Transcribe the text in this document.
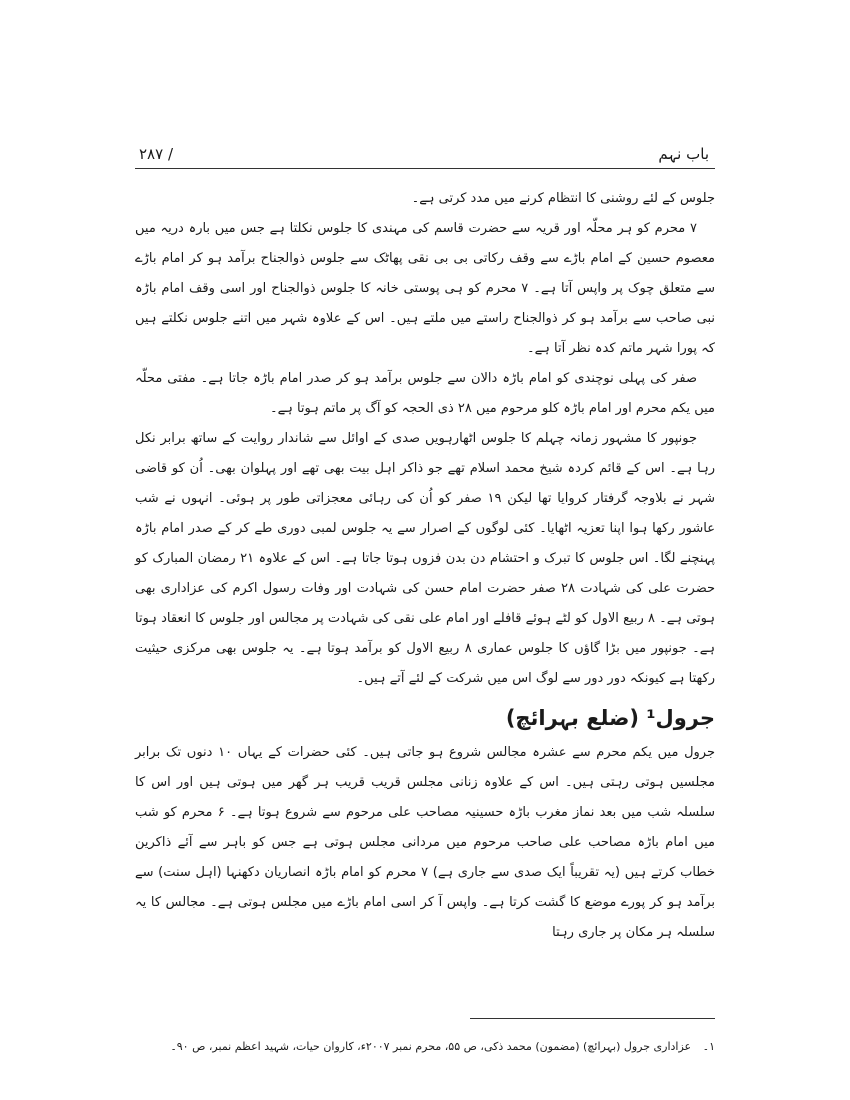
باب نہم
۲۸۷ /

جلوس کے لئے روشنی کا انتظام کرنے میں مدد کرتی ہے۔

۷ محرم کو ہر محلّہ اور قریہ سے حضرت قاسم کی مہندی کا جلوس نکلتا ہے جس میں بارہ دریہ میں معصوم حسین کے امام باڑے سے وقف رکاتی بی بی نقی پھاٹک سے جلوس ذوالجناح برآمد ہو کر امام باڑے سے متعلق چوک پر واپس آتا ہے۔ ۷ محرم کو ہی پوستی خانہ کا جلوس ذوالجناح اور اسی وقف امام باڑہ نبی صاحب سے برآمد ہو کر ذوالجناح راستے میں ملتے ہیں۔ اس کے علاوہ شہر میں اتنے جلوس نکلتے ہیں کہ پورا شہر ماتم کدہ نظر آتا ہے۔

صفر کی پہلی نوچندی کو امام باڑہ دالان سے جلوس برآمد ہو کر صدر امام باڑہ جاتا ہے۔ مفتی محلّہ میں یکم محرم اور امام باڑہ کلو مرحوم میں ۲۸ ذی الحجہ کو آگ پر ماتم ہوتا ہے۔

جونپور کا مشہور زمانہ چہلم کا جلوس اٹھارہویں صدی کے اوائل سے شاندار روایت کے ساتھ برابر نکل رہا ہے۔ اس کے قائم کردہ شیخ محمد اسلام تھے جو ذاکر اہل بیت بھی تھے اور پہلوان بھی۔ اُن کو قاضی شہر نے بلاوجہ گرفتار کروایا تھا لیکن ۱۹ صفر کو اُن کی رہائی معجزاتی طور پر ہوئی۔ انہوں نے شب عاشور رکھا ہوا اپنا تعزیہ اٹھایا۔ کئی لوگوں کے اصرار سے یہ جلوس لمبی دوری طے کر کے صدر امام باڑہ پہنچنے لگا۔ اس جلوس کا تبرک و احتشام دن بدن فزوں ہوتا جاتا ہے۔ اس کے علاوہ ۲۱ رمضان المبارک کو حضرت علی کی شہادت ۲۸ صفر حضرت امام حسن کی شہادت اور وفات رسول اکرم کی عزاداری بھی ہوتی ہے۔ ۸ ربیع الاول کو لٹے ہوئے قافلے اور امام علی نقی کی شہادت پر مجالس اور جلوس کا انعقاد ہوتا ہے۔ جونپور میں بڑا گاؤں کا جلوس عماری ۸ ربیع الاول کو برآمد ہوتا ہے۔ یہ جلوس بھی مرکزی حیثیت رکھتا ہے کیونکہ دور دور سے لوگ اس میں شرکت کے لئے آتے ہیں۔

جرول¹ (ضلع بہرائچ)

جرول میں یکم محرم سے عشرہ مجالس شروع ہو جاتی ہیں۔ کئی حضرات کے یہاں ۱۰ دنوں تک برابر مجلسیں ہوتی رہتی ہیں۔ اس کے علاوہ زنانی مجلس قریب قریب ہر گھر میں ہوتی ہیں اور اس کا سلسلہ شب میں بعد نماز مغرب باڑہ حسینیہ مصاحب علی مرحوم سے شروع ہوتا ہے۔ ۶ محرم کو شب میں امام باڑہ مصاحب علی صاحب مرحوم میں مردانی مجلس ہوتی ہے جس کو باہر سے آئے ذاکرین خطاب کرتے ہیں (یہ تقریباً ایک صدی سے جاری ہے) ۷ محرم کو امام باڑہ انصاریان دکھنہا (اہل سنت) سے برآمد ہو کر پورے موضع کا گشت کرتا ہے۔ واپس آ کر اسی امام باڑے میں مجلس ہوتی ہے۔ مجالس کا یہ سلسلہ ہر مکان پر جاری رہتا

۱۔ عزاداری جرول (بہرائچ) (مضمون) محمد ذکی، ص ۵۵، محرم نمبر ۲۰۰۷ء، کاروان حیات، شہید اعظم نمبر، ص ۹۰۔
